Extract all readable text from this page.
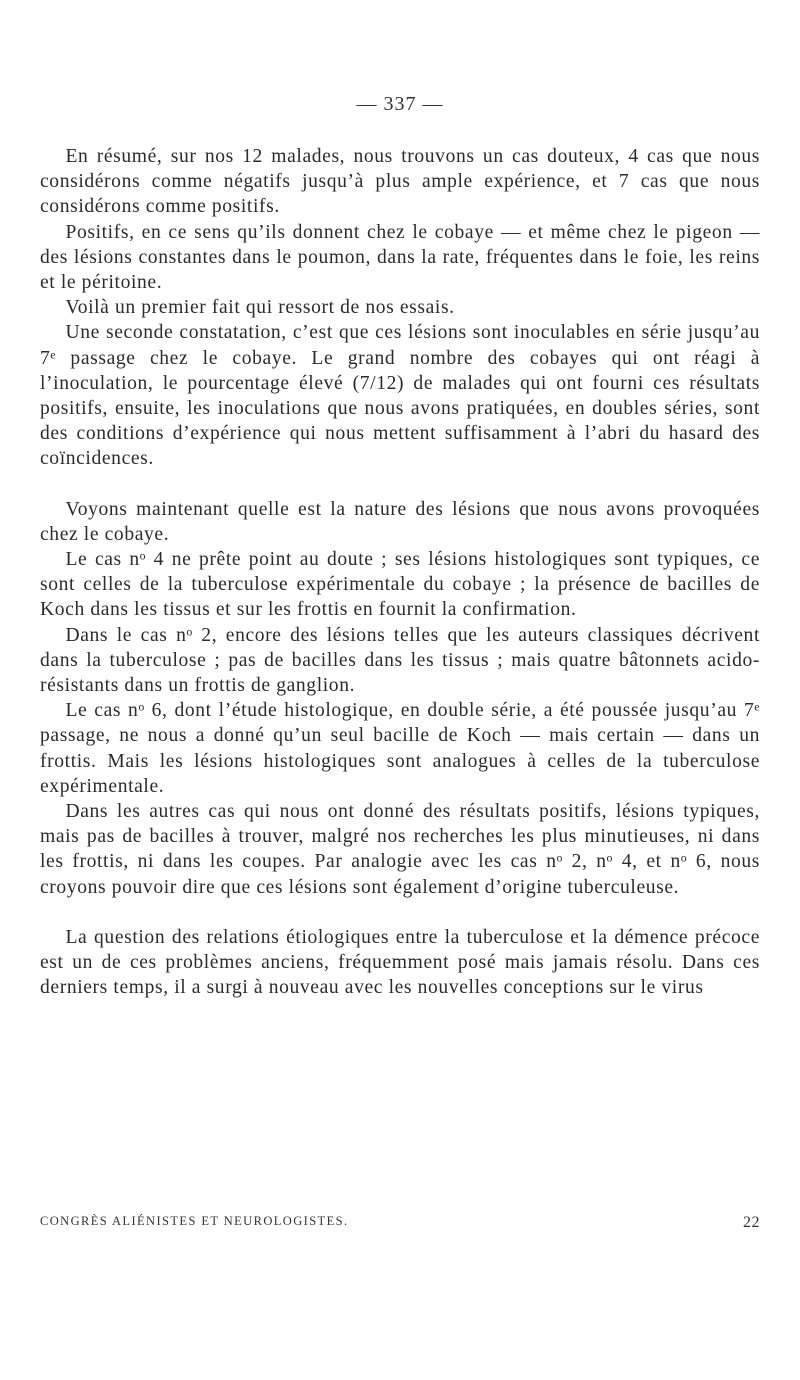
— 337 —

En résumé, sur nos 12 malades, nous trouvons un cas douteux, 4 cas que nous considérons comme négatifs jusqu’à plus ample expérience, et 7 cas que nous considérons comme positifs.

Positifs, en ce sens qu’ils donnent chez le cobaye — et même chez le pigeon — des lésions constantes dans le poumon, dans la rate, fréquentes dans le foie, les reins et le péritoine.

Voilà un premier fait qui ressort de nos essais.

Une seconde constatation, c’est que ces lésions sont inoculables en série jusqu’au 7ᵉ passage chez le cobaye. Le grand nombre des cobayes qui ont réagi à l’inoculation, le pourcentage élevé (7/12) de malades qui ont fourni ces résultats positifs, ensuite, les inoculations que nous avons pratiquées, en doubles séries, sont des conditions d’expérience qui nous mettent suffisamment à l’abri du hasard des coïncidences.

Voyons maintenant quelle est la nature des lésions que nous avons provoquées chez le cobaye.

Le cas nᵒ 4 ne prête point au doute ; ses lésions histologiques sont typiques, ce sont celles de la tuberculose expérimentale du cobaye ; la présence de bacilles de Koch dans les tissus et sur les frottis en fournit la confirmation.

Dans le cas nᵒ 2, encore des lésions telles que les auteurs classiques décrivent dans la tuberculose ; pas de bacilles dans les tissus ; mais quatre bâtonnets acido-résistants dans un frottis de ganglion.

Le cas nᵒ 6, dont l’étude histologique, en double série, a été poussée jusqu’au 7ᵉ passage, ne nous a donné qu’un seul bacille de Koch — mais certain — dans un frottis. Mais les lésions histologiques sont analogues à celles de la tuberculose expérimentale.

Dans les autres cas qui nous ont donné des résultats positifs, lésions typiques, mais pas de bacilles à trouver, malgré nos recherches les plus minutieuses, ni dans les frottis, ni dans les coupes. Par analogie avec les cas nᵒ 2, nᵒ 4, et nᵒ 6, nous croyons pouvoir dire que ces lésions sont également d’origine tuberculeuse.

La question des relations étiologiques entre la tuberculose et la démence précoce est un de ces problèmes anciens, fréquemment posé mais jamais résolu. Dans ces derniers temps, il a surgi à nouveau avec les nouvelles conceptions sur le virus

CONGRÈS ALIÉNISTES ET NEUROLOGISTES.	22
